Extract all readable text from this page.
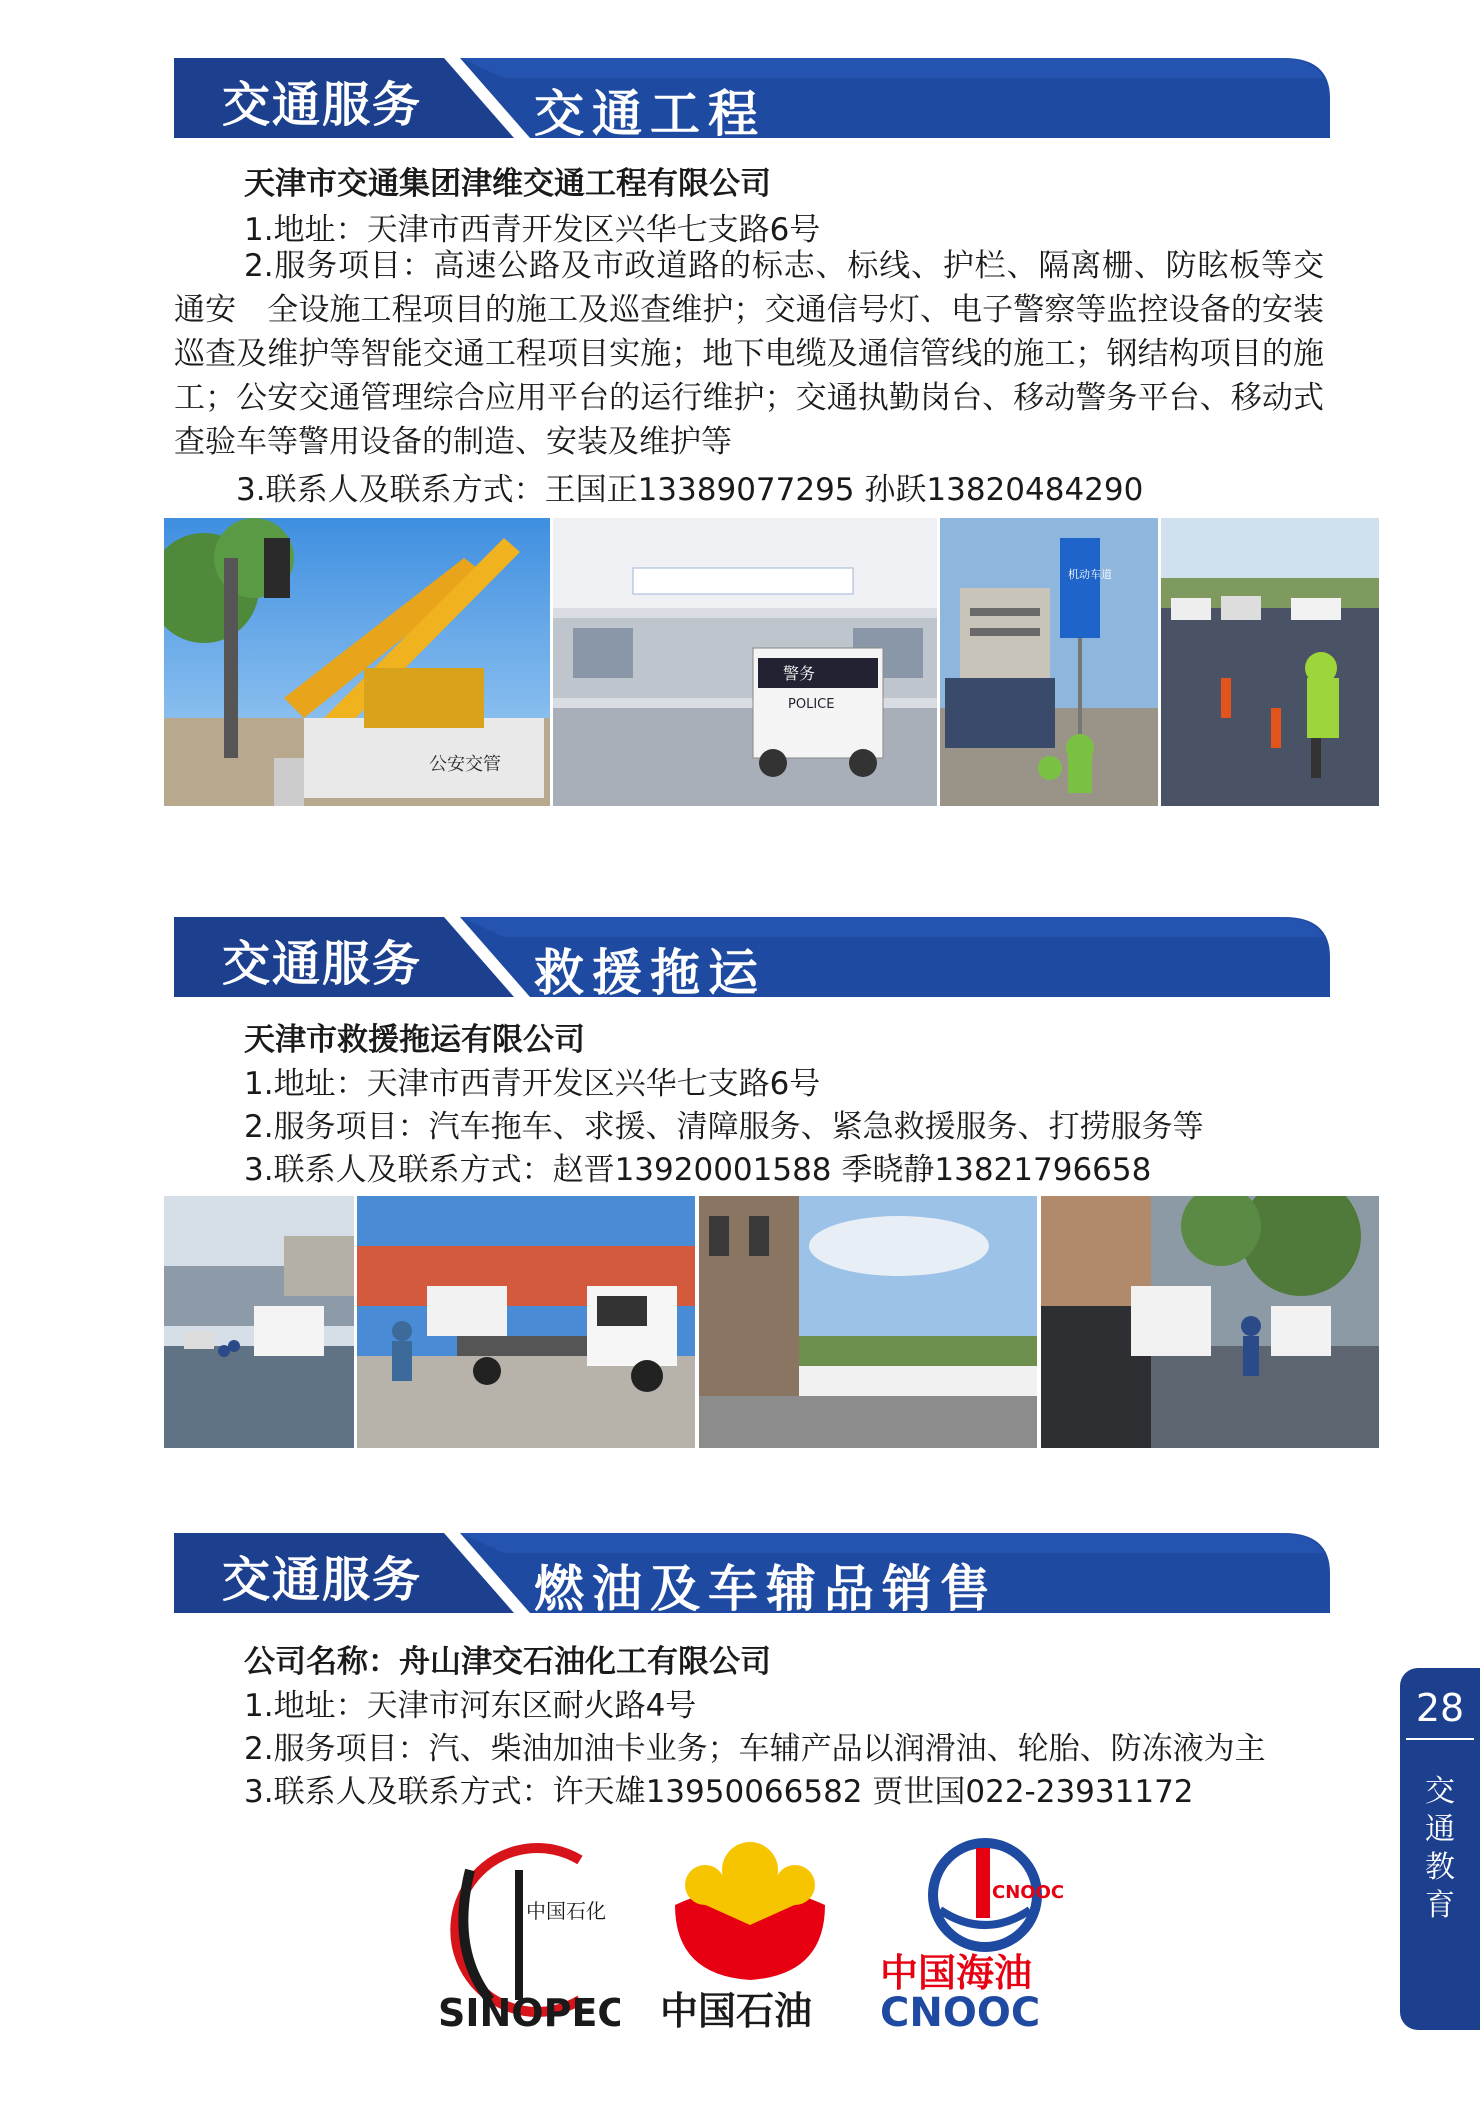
交通服务 交通工程
天津市交通集团津维交通工程有限公司
1.地址：天津市西青开发区兴华七支路6号
2.服务项目：高速公路及市政道路的标志、标线、护栏、隔离栅、防眩板等交通安　全设施工程项目的施工及巡查维护；交通信号灯、电子警察等监控设备的安装巡查及维护等智能交通工程项目实施；地下电缆及通信管线的施工；钢结构项目的施工；公安交通管理综合应用平台的运行维护；交通执勤岗台、移动警务平台、移动式查验车等警用设备的制造、安装及维护等
3.联系人及联系方式：王国正13389077295 孙跃13820484290
公安交管
警务
POLICE
机动车道
交通服务 救援拖运
天津市救援拖运有限公司
1.地址：天津市西青开发区兴华七支路6号
2.服务项目：汽车拖车、求援、清障服务、紧急救援服务、打捞服务等
3.联系人及联系方式：赵晋13920001588 季晓静13821796658
交通服务 燃油及车辅品销售
公司名称：舟山津交石油化工有限公司
1.地址：天津市河东区耐火路4号
2.服务项目：汽、柴油加油卡业务；车辅产品以润滑油、轮胎、防冻液为主
3.联系人及联系方式：许天雄13950066582 贾世国022-23931172
中国石化
SINOPEC 中国石油
CNOOC
中国海油
CNOOC
28
交
通
教
育
